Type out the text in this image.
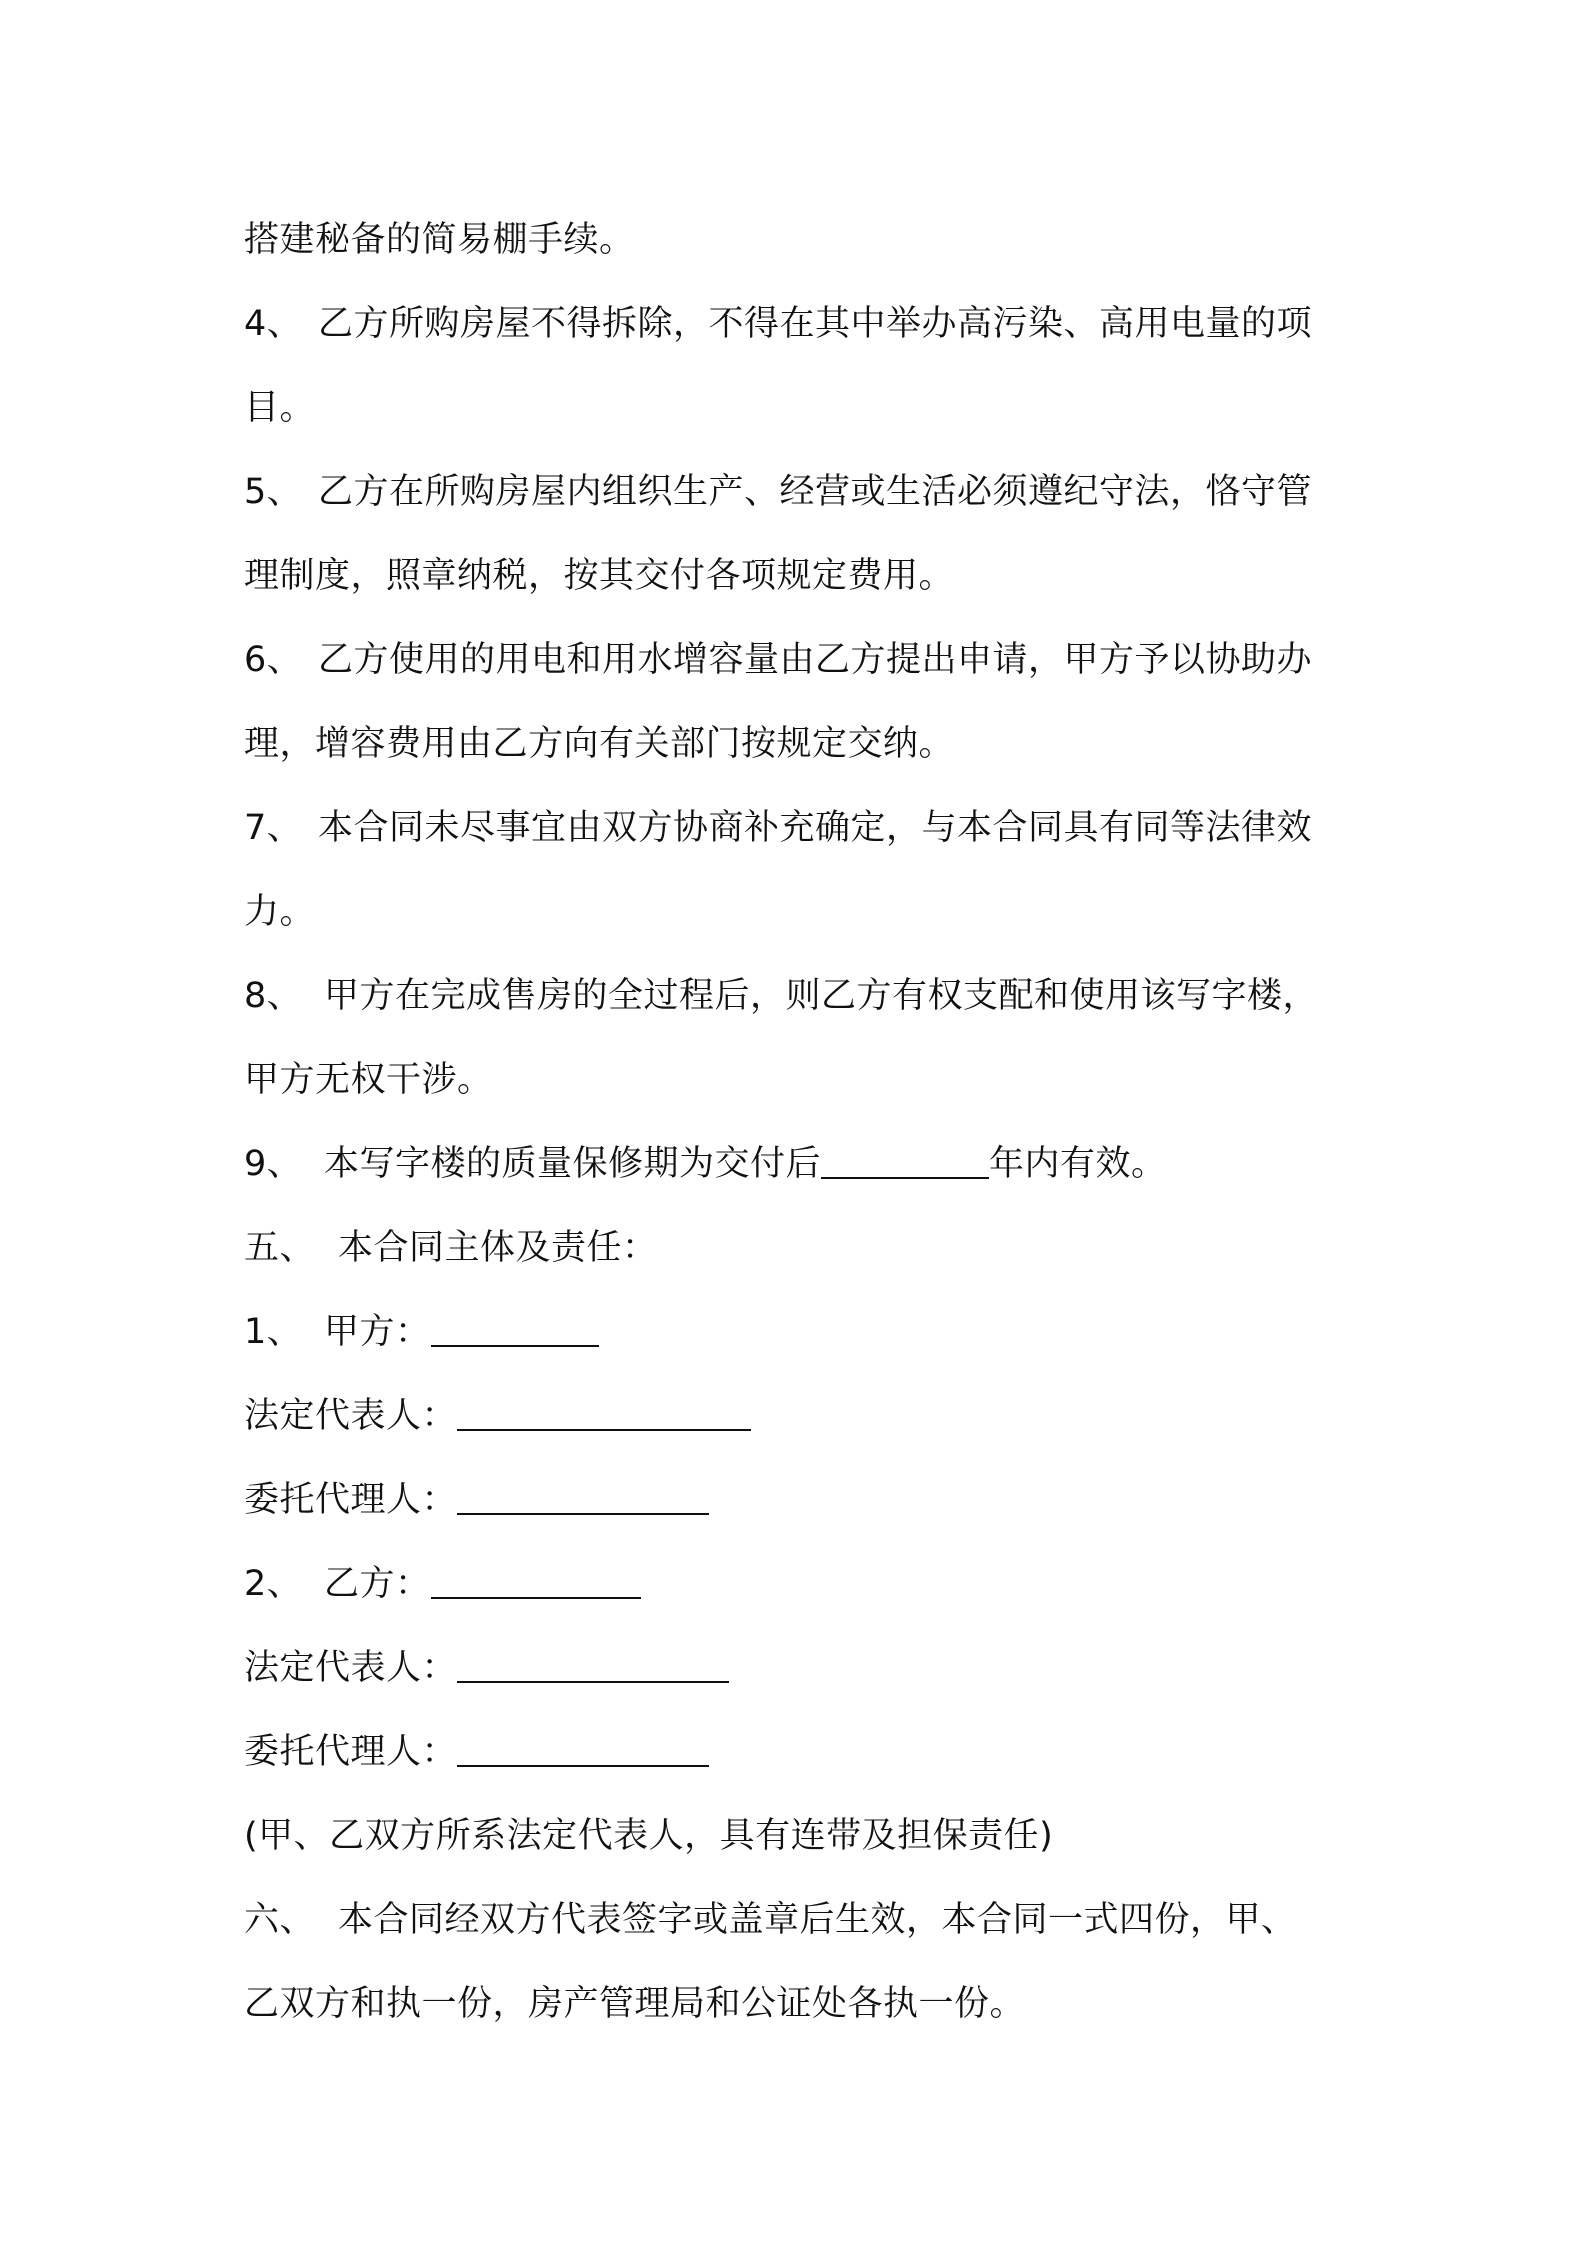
搭建秘备的简易棚手续。
4、 乙方所购房屋不得拆除，不得在其中举办高污染、高用电量的项
目。
5、 乙方在所购房屋内组织生产、经营或生活必须遵纪守法，恪守管
理制度，照章纳税，按其交付各项规定费用。
6、 乙方使用的用电和用水增容量由乙方提出申请，甲方予以协助办
理，增容费用由乙方向有关部门按规定交纳。
7、 本合同未尽事宜由双方协商补充确定，与本合同具有同等法律效
力。
8、 甲方在完成售房的全过程后，则乙方有权支配和使用该写字楼，
甲方无权干涉。
9、 本写字楼的质量保修期为交付后	年内有效。
五、 本合同主体及责任：
1、 甲方：
法定代表人：
委托代理人：
2、 乙方：
法定代表人：
委托代理人：
(甲、乙双方所系法定代表人，具有连带及担保责任)
六、 本合同经双方代表签字或盖章后生效，本合同一式四份，甲、
乙双方和执一份，房产管理局和公证处各执一份。
